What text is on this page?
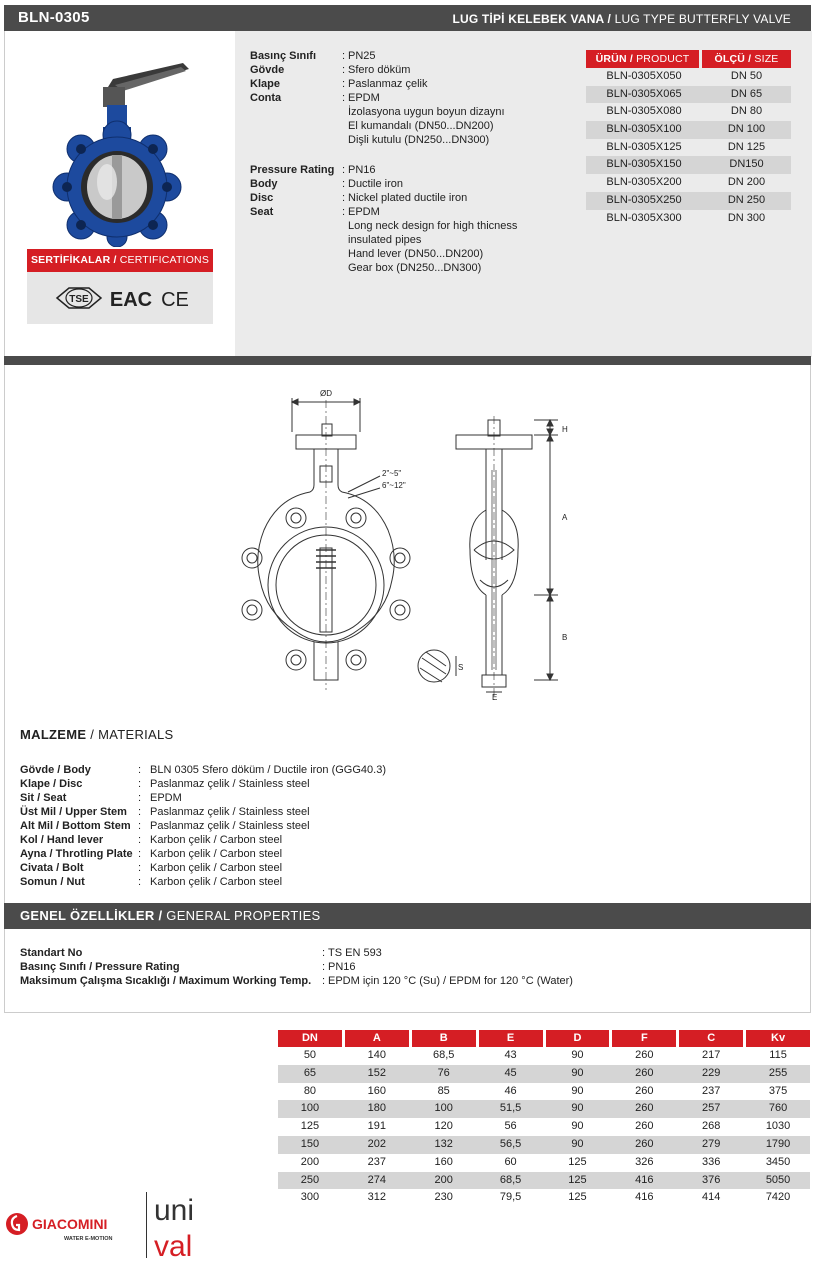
BLN-0305	LUG TİPİ KELEBEK VANA / LUG TYPE BUTTERFLY VALVE
SERTİFİKALAR / CERTIFICATIONS
TSE EAC CE
Basınç Sınıfı	: PN25
Gövde	: Sfero döküm
Klape	: Paslanmaz çelik
Conta	: EPDM
İzolasyona uygun boyun dizaynı
El kumandalı (DN50...DN200)
Dişli kutulu (DN250...DN300)
Pressure Rating : PN16
Body	: Ductile iron
Disc	: Nickel plated ductile iron
Seat	: EPDM
Long neck design for high thicness
insulated pipes
Hand lever (DN50...DN200)
Gear box (DN250...DN300)
ÜRÜN / PRODUCT	ÖLÇÜ / SIZE
BLN-0305X050	DN 50
BLN-0305X065	DN 65
BLN-0305X080	DN 80
BLN-0305X100	DN 100
BLN-0305X125	DN 125
BLN-0305X150	DN150
BLN-0305X200	DN 200
BLN-0305X250	DN 250
BLN-0305X300	DN 300
ØD
2"~5"
6"~12"
H
A
B
S
E
MALZEME / MATERIALS
Gövde / Body	: BLN 0305 Sfero döküm / Ductile iron (GGG40.3)
Klape / Disc	: Paslanmaz çelik / Stainless steel
Sit / Seat	: EPDM
Üst Mil / Upper Stem	: Paslanmaz çelik / Stainless steel
Alt Mil / Bottom Stem : Paslanmaz çelik / Stainless steel
Kol / Hand lever	: Karbon çelik / Carbon steel
Ayna / Throtling Plate : Karbon çelik / Carbon steel
Civata / Bolt	: Karbon çelik / Carbon steel
Somun / Nut	: Karbon çelik / Carbon steel
GENEL ÖZELLİKLER / GENERAL PROPERTIES
Standart No	: TS EN 593
Basınç Sınıfı / Pressure Rating	: PN16
Maksimum Çalışma Sıcaklığı / Maximum Working Temp. : EPDM için 120 °C (Su) / EPDM for 120 °C (Water)
DN	A	B	E	D	F	C	Kv
50	140	68,5	43	90	260	217	115
65	152	76	45	90	260	229	255
80	160	85	46	90	260	237	375
100	180	100	51,5	90	260	257	760
125	191	120	56	90	260	268	1030
150	202	132	56,5	90	260	279	1790
200	237	160	60	125	326	336	3450
250	274	200	68,5	125	416	376	5050
300	312	230	79,5	125	416	414	7420
GIACOMINI
WATER E-MOTION
uni
val
